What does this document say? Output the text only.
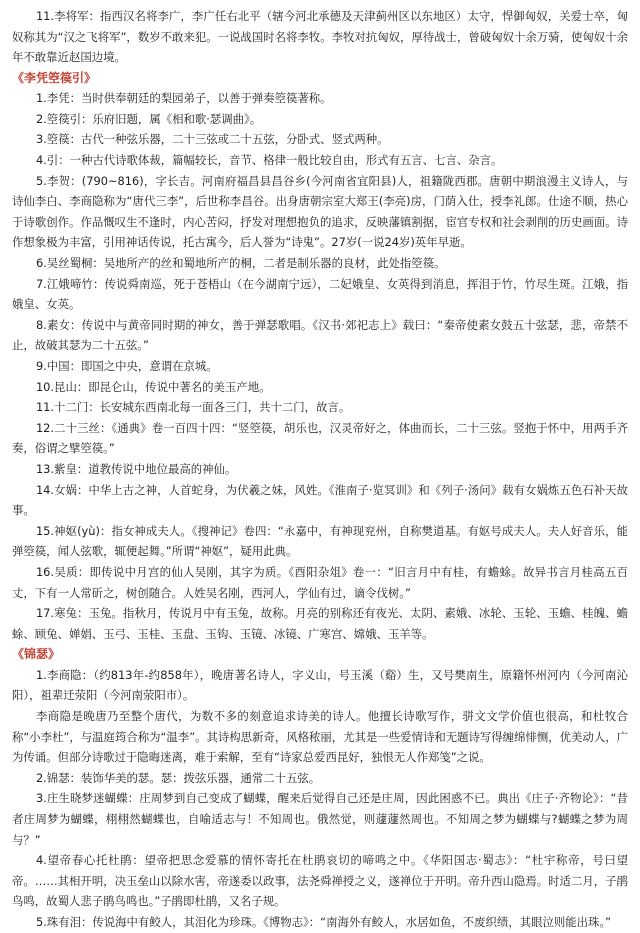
11.李将军：指西汉名将李广，李广任右北平（辖今河北承德及天津蓟州区以东地区）太守，悍御匈奴，关爱士卒，匈奴称其为“汉之飞将军”，数岁不敢来犯。一说战国时名将李牧。李牧对抗匈奴，厚待战士，曾破匈奴十余万骑，使匈奴十余年不敢靠近赵国边境。

《李凭箜篌引》

1.李凭：当时供奉朝廷的梨园弟子，以善于弹奏箜篌著称。

2.箜篌引：乐府旧题，属《相和歌·瑟调曲》。

3.箜篌：古代一种弦乐器，二十三弦或二十五弦，分卧式、竖式两种。

4.引：一种古代诗歌体裁，篇幅较长，音节、格律一般比较自由，形式有五言、七言、杂言。

5.李贺：(790~816)，字长吉。河南府福昌县昌谷乡(今河南省宜阳县)人，祖籍陇西郡。唐朝中期浪漫主义诗人，与诗仙李白、李商隐称为“唐代三李”，后世称李昌谷。出身唐朝宗室大郑王(李亮)房，门荫入仕，授李礼郎。仕途不顺，热心于诗歌创作。作品慨叹生不逢时，内心苦闷，抒发对理想抱负的追求，反映藩镇割据，宦官专权和社会剥削的历史画面。诗作想象极为丰富，引用神话传说，托古寓今，后人誉为“诗鬼”。27岁(一说24岁)英年早逝。

6.吴丝蜀桐：吴地所产的丝和蜀地所产的桐，二者是制乐器的良材，此处指箜篌。

7.江娥啼竹：传说舜南巡，死于苍梧山（在今湖南宁远），二妃娥皇、女英得到消息，挥泪于竹，竹尽生斑。江娥，指娥皇、女英。

8.素女：传说中与黄帝同时期的神女，善于弹瑟歌唱。《汉书·郊祀志上》载曰：“秦帝使素女鼓五十弦瑟，悲，帝禁不止，故破其瑟为二十五弦。”

9.中国：即国之中央，意谓在京城。

10.昆山：即昆仑山，传说中著名的美玉产地。

11.十二门：长安城东西南北每一面各三门，共十二门，故言。

12.二十三丝：《通典》卷一百四十四：“竖箜篌，胡乐也，汉灵帝好之，体曲而长，二十三弦。竖抱于怀中，用两手齐奏，俗谓之擘箜篌。”

13.紫皇：道教传说中地位最高的神仙。

14.女娲：中华上古之神，人首蛇身，为伏羲之妹，风姓。《淮南子·览冥训》和《列子·汤问》载有女娲炼五色石补天故事。

15.神妪(yù)：指女神成夫人。《搜神记》卷四：“永嘉中，有神现兖州，自称樊道基。有妪号成夫人。夫人好音乐，能弹箜篌，闻人弦歌，辄便起舞。”所谓“神妪”，疑用此典。

16.吴质：即传说中月宫的仙人吴刚，其字为质。《酉阳杂俎》卷一：“旧言月中有桂，有蟾蜍。故异书言月桂高五百丈，下有一人常斫之，树创随合。人姓吴名刚，西河人，学仙有过，谪令伐树。”

17.寒兔：玉兔。指秋月，传说月中有玉兔，故称。月亮的别称还有夜光、太阴、素娥、冰轮、玉轮、玉蟾、桂魄、蟾蜍、顾兔、婵娟、玉弓、玉桂、玉盘、玉钩、玉镜、冰镜、广寒宫、嫦娥、玉羊等。

《锦瑟》

1.李商隐：（约813年-约858年），晚唐著名诗人，字义山，号玉溪（谿）生，又号樊南生，原籍怀州河内（今河南沁阳），祖辈迁荥阳（今河南荥阳市）。

李商隐是晚唐乃至整个唐代，为数不多的刻意追求诗美的诗人。他擅长诗歌写作，骈文文学价值也很高，和杜牧合称“小李杜”，与温庭筠合称为“温李”。其诗构思新奇，风格秾丽，尤其是一些爱情诗和无题诗写得缠绵悱恻，优美动人，广为传诵。但部分诗歌过于隐晦迷离，难于索解，至有“诗家总爱西昆好，独恨无人作郑笺”之说。

2.锦瑟：装饰华美的瑟。瑟：拨弦乐器，通常二十五弦。

3.庄生晓梦迷蝴蝶：庄周梦到自己变成了蝴蝶，醒来后觉得自己还是庄周，因此困惑不已。典出《庄子·齐物论》：“昔者庄周梦为蝴蝶，栩栩然蝴蝶也，自喻适志与！不知周也。俄然觉，则蘧蘧然周也。不知周之梦为蝴蝶与?蝴蝶之梦为周与？”

4.望帝春心托杜鹃：望帝把思念爱慕的情怀寄托在杜鹃哀切的啼鸣之中。《华阳国志·蜀志》：“杜宇称帝，号曰望帝。……其相开明，决玉垒山以除水害，帝遂委以政事，法尧舜禅授之义，遂禅位于开明。帝升西山隐焉。时适二月，子鹃鸟鸣，故蜀人悲子鹃鸟鸣也。”子鹃即杜鹃，又名子规。

5.珠有泪：传说海中有鲛人，其泪化为珍珠。《博物志》：“南海外有鲛人，水居如鱼，不废织绩，其眼泣则能出珠。”
